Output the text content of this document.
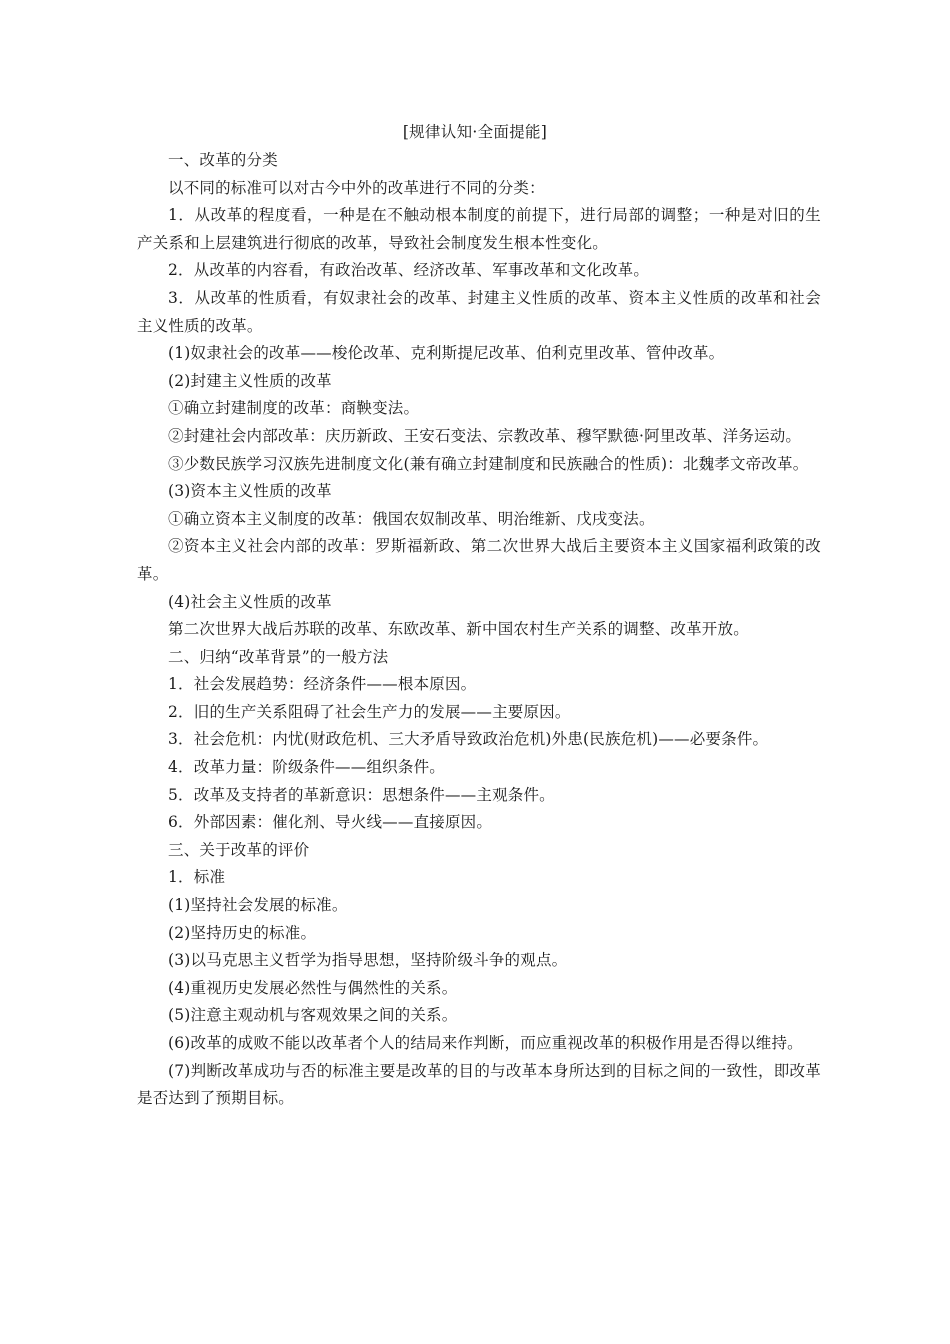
[规律认知·全面提能]

一、改革的分类

以不同的标准可以对古今中外的改革进行不同的分类：

1．从改革的程度看，一种是在不触动根本制度的前提下，进行局部的调整；一种是对旧的生产关系和上层建筑进行彻底的改革，导致社会制度发生根本性变化。

2．从改革的内容看，有政治改革、经济改革、军事改革和文化改革。

3．从改革的性质看，有奴隶社会的改革、封建主义性质的改革、资本主义性质的改革和社会主义性质的改革。

(1)奴隶社会的改革——梭伦改革、克利斯提尼改革、伯利克里改革、管仲改革。

(2)封建主义性质的改革

①确立封建制度的改革：商鞅变法。

②封建社会内部改革：庆历新政、王安石变法、宗教改革、穆罕默德·阿里改革、洋务运动。

③少数民族学习汉族先进制度文化(兼有确立封建制度和民族融合的性质)：北魏孝文帝改革。

(3)资本主义性质的改革

①确立资本主义制度的改革：俄国农奴制改革、明治维新、戊戌变法。

②资本主义社会内部的改革：罗斯福新政、第二次世界大战后主要资本主义国家福利政策的改革。

(4)社会主义性质的改革

第二次世界大战后苏联的改革、东欧改革、新中国农村生产关系的调整、改革开放。

二、归纳“改革背景”的一般方法

1．社会发展趋势：经济条件——根本原因。

2．旧的生产关系阻碍了社会生产力的发展——主要原因。

3．社会危机：内忧(财政危机、三大矛盾导致政治危机)外患(民族危机)——必要条件。

4．改革力量：阶级条件——组织条件。

5．改革及支持者的革新意识：思想条件——主观条件。

6．外部因素：催化剂、导火线——直接原因。

三、关于改革的评价

1．标准

(1)坚持社会发展的标准。

(2)坚持历史的标准。

(3)以马克思主义哲学为指导思想，坚持阶级斗争的观点。

(4)重视历史发展必然性与偶然性的关系。

(5)注意主观动机与客观效果之间的关系。

(6)改革的成败不能以改革者个人的结局来作判断，而应重视改革的积极作用是否得以维持。

(7)判断改革成功与否的标准主要是改革的目的与改革本身所达到的目标之间的一致性，即改革是否达到了预期目标。
